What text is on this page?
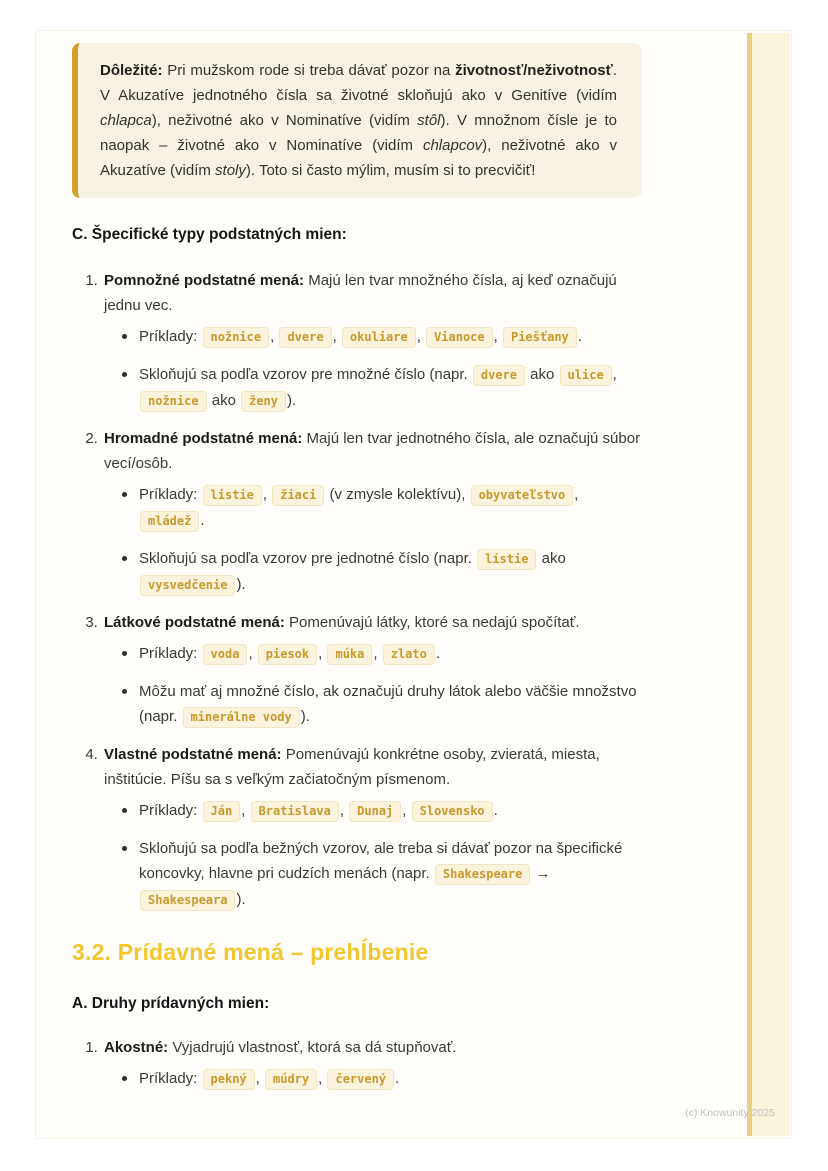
Dôležité: Pri mužskom rode si treba dávať pozor na životnosť/neživotnosť. V Akuzatíve jednotného čísla sa životné skloňujú ako v Genitíve (vidím chlapca), neživotné ako v Nominatíve (vidím stôl). V množnom čísle je to naopak – životné ako v Nominatíve (vidím chlapcov), neživotné ako v Akuzatíve (vidím stoly). Toto si často mýlim, musím si to precvičiť!

C. Špecifické typy podstatných mien:

1. Pomnožné podstatné mená: Majú len tvar množného čísla, aj keď označujú jednu vec.

Príklady: nožnice , dvere , okuliare , Vianoce , Piešťany .
Skloňujú sa podľa vzorov pre množné číslo (napr. dvere ako ulice , nožnice ako ženy ).

2. Hromadné podstatné mená: Majú len tvar jednotného čísla, ale označujú súbor vecí/osôb.

Príklady: listie , žiaci (v zmysle kolektívu), obyvateľstvo , mládež .
Skloňujú sa podľa vzorov pre jednotné číslo (napr. lístie ako vysvedčenie ).

3. Látkové podstatné mená: Pomenúvajú látky, ktoré sa nedajú spočítať.

Príklady: voda , piesok , múka , zlato .
Môžu mať aj množné číslo, ak označujú druhy látok alebo väčšie množstvo (napr. minerálne vody ).

4. Vlastné podstatné mená: Pomenúvajú konkrétne osoby, zvieratá, miesta, inštitúcie. Píšu sa s veľkým začiatočným písmenom.

Príklady: Ján , Bratislava , Dunaj , Slovensko .
Skloňujú sa podľa bežných vzorov, ale treba si dávať pozor na špecifické koncovky, hlavne pri cudzích menách (napr. Shakespeare → Shakespeara ).
3.2. Prídavné mená – prehĺbenie
A. Druhy prídavných mien:

1. Akostné: Vyjadrujú vlastnosť, ktorá sa dá stupňovať.

Príklady: pekný , múdry , červený .
(c) Knowunity 2025
